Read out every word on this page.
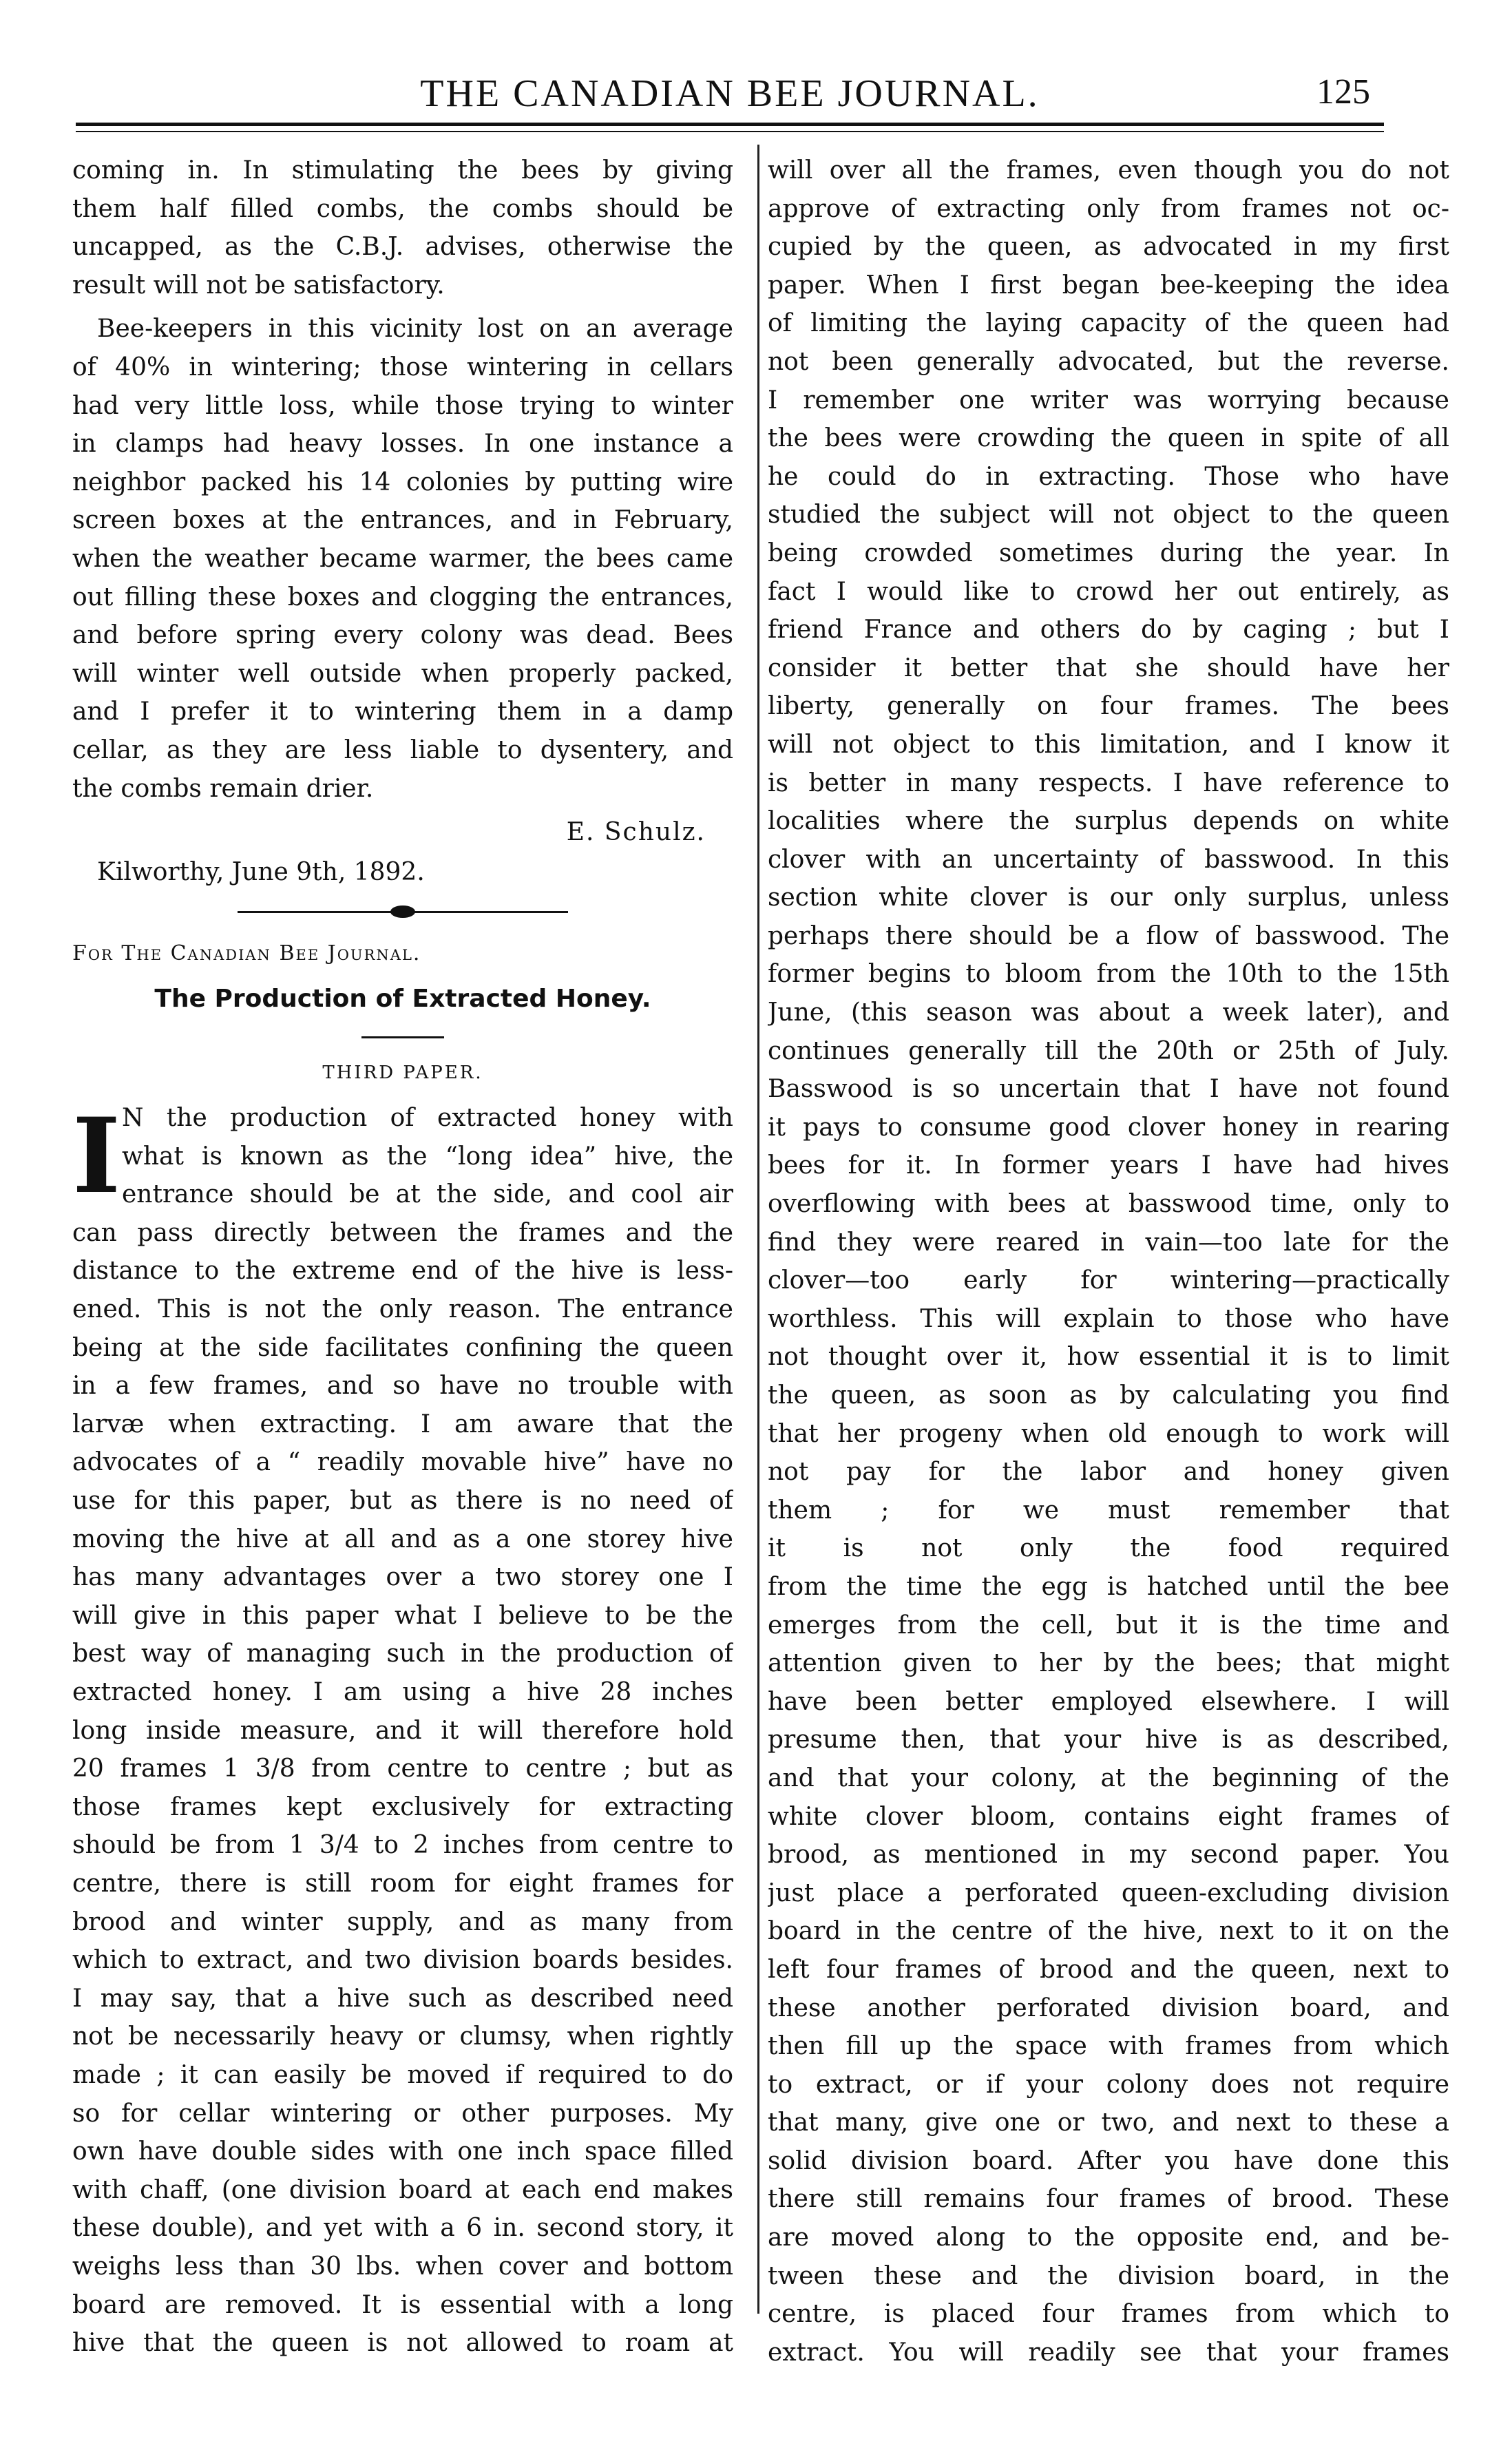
THE CANADIAN BEE JOURNAL.	125
coming in. In stimulating the bees by giving
them half filled combs, the combs should be
uncapped, as the C.B.J. advises, otherwise the
result will not be satisfactory.
Bee-keepers in this vicinity lost on an average
of 40% in wintering; those wintering in cellars
had very little loss, while those trying to winter
in clamps had heavy losses. In one instance a
neighbor packed his 14 colonies by putting wire
screen boxes at the entrances, and in February,
when the weather became warmer, the bees came
out filling these boxes and clogging the entrances,
and before spring every colony was dead. Bees
will winter well outside when properly packed,
and I prefer it to wintering them in a damp
cellar, as they are less liable to dysentery, and
the combs remain drier.
E. Schulz.
Kilworthy, June 9th, 1892.
For The Canadian Bee Journal.
The Production of Extracted Honey.
THIRD PAPER.
I N the production of extracted honey with
what is known as the “long idea” hive, the
entrance should be at the side, and cool air
can pass directly between the frames and the
distance to the extreme end of the hive is less-
ened. This is not the only reason. The entrance
being at the side facilitates confining the queen
in a few frames, and so have no trouble with
larvæ when extracting. I am aware that the
advocates of a “ readily movable hive” have no
use for this paper, but as there is no need of
moving the hive at all and as a one storey hive
has many advantages over a two storey one I
will give in this paper what I believe to be the
best way of managing such in the production of
extracted honey. I am using a hive 28 inches
long inside measure, and it will therefore hold
20 frames 1 3/8 from centre to centre ; but as
those frames kept exclusively for extracting
should be from 1 3/4 to 2 inches from centre to
centre, there is still room for eight frames for
brood and winter supply, and as many from
which to extract, and two division boards besides.
I may say, that a hive such as described need
not be necessarily heavy or clumsy, when rightly
made ; it can easily be moved if required to do
so for cellar wintering or other purposes. My
own have double sides with one inch space filled
with chaff, (one division board at each end makes
these double), and yet with a 6 in. second story, it
weighs less than 30 lbs. when cover and bottom
board are removed. It is essential with a long
hive that the queen is not allowed to roam at
will over all the frames, even though you do not
approve of extracting only from frames not oc-
cupied by the queen, as advocated in my first
paper. When I first began bee-keeping the idea
of limiting the laying capacity of the queen had
not been generally advocated, but the reverse.
I remember one writer was worrying because
the bees were crowding the queen in spite of all
he could do in extracting. Those who have
studied the subject will not object to the queen
being crowded sometimes during the year. In
fact I would like to crowd her out entirely, as
friend France and others do by caging ; but I
consider it better that she should have her
liberty, generally on four frames. The bees
will not object to this limitation, and I know it
is better in many respects. I have reference to
localities where the surplus depends on white
clover with an uncertainty of basswood. In this
section white clover is our only surplus, unless
perhaps there should be a flow of basswood. The
former begins to bloom from the 10th to the 15th
June, (this season was about a week later), and
continues generally till the 20th or 25th of July.
Basswood is so uncertain that I have not found
it pays to consume good clover honey in rearing
bees for it. In former years I have had hives
overflowing with bees at basswood time, only to
find they were reared in vain—too late for the
clover—too early for wintering—practically
worthless. This will explain to those who have
not thought over it, how essential it is to limit
the queen, as soon as by calculating you find
that her progeny when old enough to work will
not pay for the labor and honey given
them ; for we must remember that
it is not only the food required
from the time the egg is hatched until the bee
emerges from the cell, but it is the time and
attention given to her by the bees; that might
have been better employed elsewhere. I will
presume then, that your hive is as described,
and that your colony, at the beginning of the
white clover bloom, contains eight frames of
brood, as mentioned in my second paper. You
just place a perforated queen-excluding division
board in the centre of the hive, next to it on the
left four frames of brood and the queen, next to
these another perforated division board, and
then fill up the space with frames from which
to extract, or if your colony does not require
that many, give one or two, and next to these a
solid division board. After you have done this
there still remains four frames of brood. These
are moved along to the opposite end, and be-
tween these and the division board, in the
centre, is placed four frames from which to
extract. You will readily see that your frames
